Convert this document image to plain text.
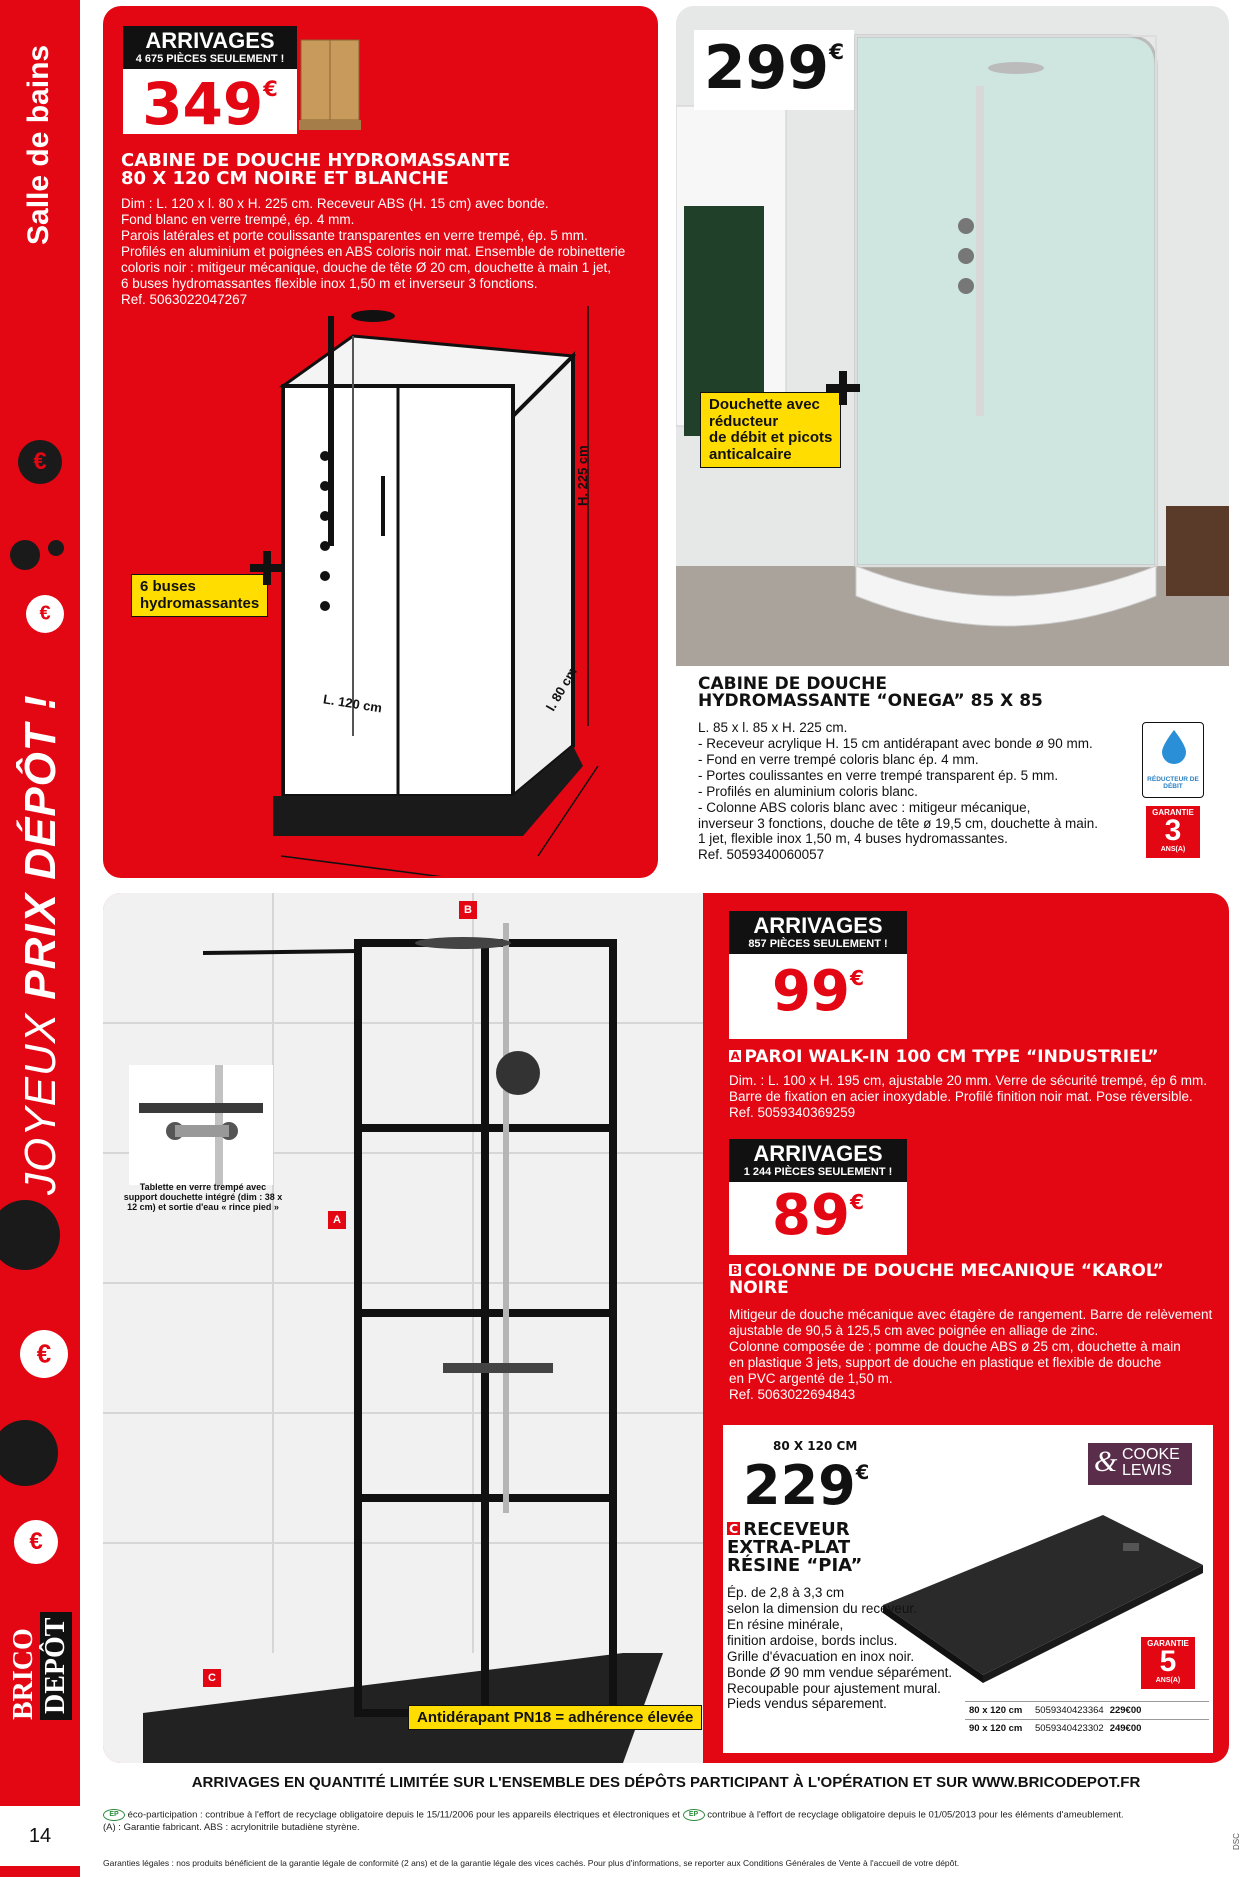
Salle de bains
€
€
JOYEUX PRIX DÉPÔT !
€
€
BRICO DEPÔT
14
ARRIVAGES
4 675 PIÈCES SEULEMENT !
349€
CABINE DE DOUCHE HYDROMASSANTE
80 X 120 CM NOIRE ET BLANCHE
Dim : L. 120 x l. 80 x H. 225 cm. Receveur ABS (H. 15 cm) avec bonde.
Fond blanc en verre trempé, ép. 4 mm.
Parois latérales et porte coulissante transparentes en verre trempé, ép. 5 mm.
Profilés en aluminium et poignées en ABS coloris noir mat. Ensemble de robinetterie
coloris noir : mitigeur mécanique, douche de tête Ø 20 cm, douchette à main 1 jet,
6 buses hydromassantes flexible inox 1,50 m et inverseur 3 fonctions.
Ref. 5063022047267
H. 225 cm
L. 120 cm	l. 80 cm
6 buses
hydromassantes
299€
Douchette avec
réducteur
de débit et picots
anticalcaire
CABINE DE DOUCHE
HYDROMASSANTE “ONEGA” 85 X 85
L. 85 x l. 85 x H. 225 cm.
- Receveur acrylique H. 15 cm antidérapant avec bonde ø 90 mm.
- Fond en verre trempé coloris blanc ép. 4 mm.
- Portes coulissantes en verre trempé transparent ép. 5 mm.
- Profilés en aluminium coloris blanc.
- Colonne ABS coloris blanc avec : mitigeur mécanique,
inverseur 3 fonctions, douche de tête ø 19,5 cm, douchette à main.
1 jet, flexible inox 1,50 m, 4 buses hydromassantes.
Ref. 5059340060057
RÉDUCTEUR DE DÉBIT
GARANTIE
3
ANS(A)
B
A
C
Tablette en verre trempé avec support douchette intégré (dim : 38 x 12 cm) et sortie d'eau « rince pied »
Antidérapant PN18 = adhérence élevée
ARRIVAGES
857 PIÈCES SEULEMENT !
99€
A PAROI WALK-IN 100 CM TYPE “INDUSTRIEL”
Dim. : L. 100 x H. 195 cm, ajustable 20 mm. Verre de sécurité trempé, ép 6 mm.
Barre de fixation en acier inoxydable. Profilé finition noir mat. Pose réversible.
Ref. 5059340369259
ARRIVAGES
1 244 PIÈCES SEULEMENT !
89€
B COLONNE DE DOUCHE MECANIQUE “KAROL”
NOIRE
Mitigeur de douche mécanique avec étagère de rangement. Barre de relèvement
ajustable de 90,5 à 125,5 cm avec poignée en alliage de zinc.
Colonne composée de : pomme de douche ABS ø 25 cm, douchette à main
en plastique 3 jets, support de douche en plastique et flexible de douche
en PVC argenté de 1,50 m.
Ref. 5063022694843
80 X 120 CM
229€	& COOKE
LEWIS
C RECEVEUR
EXTRA-PLAT
RÉSINE “PIA”
Ép. de 2,8 à 3,3 cm
selon la dimension du receveur.
En résine minérale,
finition ardoise, bords inclus.
Grille d'évacuation en inox noir.
Bonde Ø 90 mm vendue séparément.
Recoupable pour ajustement mural.
Pieds vendus séparement.
GARANTIE
5
ANS(A)
80 x 120 cm	5059340423364 229€00
90 x 120 cm	5059340423302 249€00
ARRIVAGES EN QUANTITÉ LIMITÉE SUR L'ENSEMBLE DES DÉPÔTS PARTICIPANT À L'OPÉRATION ET SUR WWW.BRICODEPOT.FR
EP éco-participation : contribue à l'effort de recyclage obligatoire depuis le 15/11/2006 pour les appareils électriques et électroniques et EP contribue à l'effort de recyclage obligatoire depuis le 01/05/2013 pour les éléments d'ameublement.
(A) : Garantie fabricant. ABS : acrylonitrile butadiène styrène.
Garanties légales : nos produits bénéficient de la garantie légale de conformité (2 ans) et de la garantie légale des vices cachés. Pour plus d'informations, se reporter aux Conditions Générales de Vente à l'accueil de votre dépôt.
DSC
